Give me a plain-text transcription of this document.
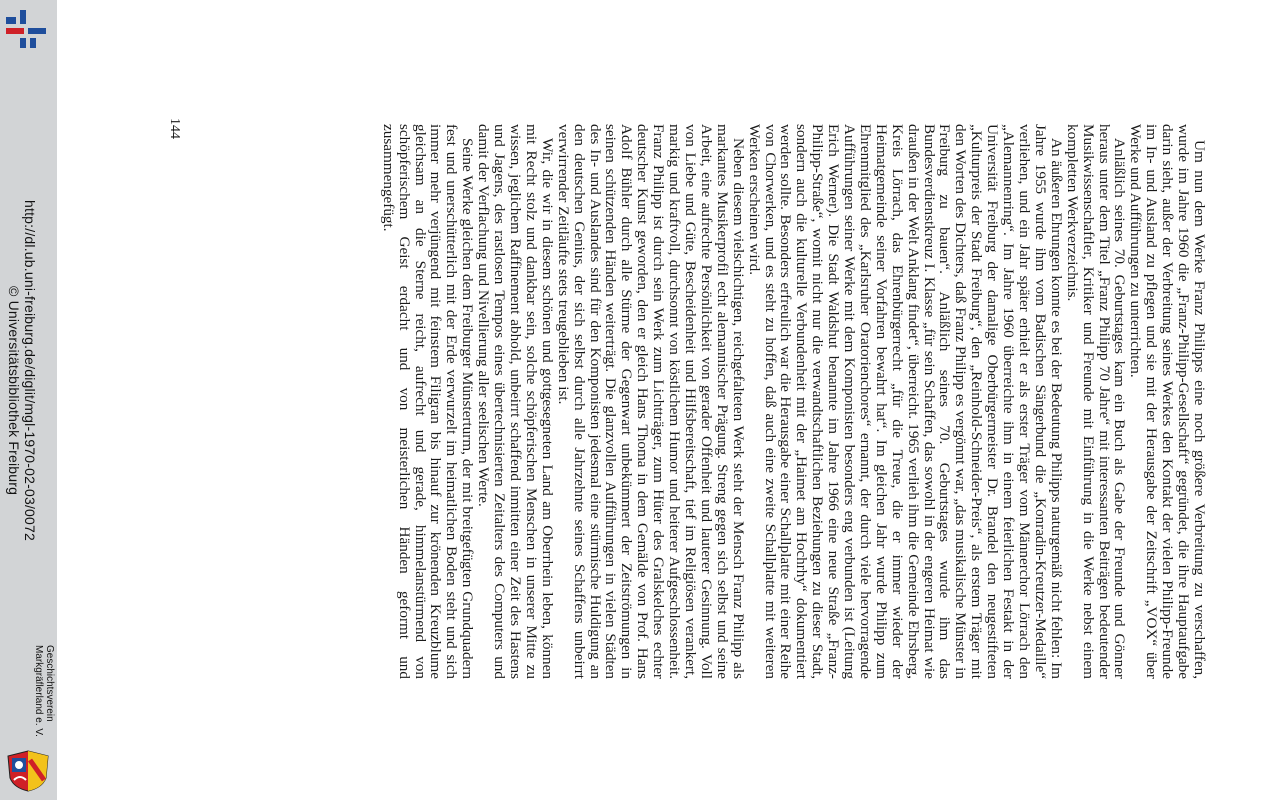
http://dl.ub.uni-freiburg.de/diglit/mgl-1970-02-03/0072
© Universitätsbibliothek Freiburg
Geschichtsverein
Markgräflerland e. V.

Um nun dem Werke Franz Philipps eine noch größere Verbreitung zu verschaffen, wurde im Jahre 1960 die „Franz-Philipp-Gesellschaft“ gegründet, die ihre Hauptaufgabe darin sieht, außer der Verbreitung seines Werkes den Kontakt der vielen Philipp-Freunde im In- und Ausland zu pflegen und sie mit der Herausgabe der Zeitschrift „VOX“ über Werke und Aufführungen zu unterrichten.

Anläßlich seines 70. Geburtstages kam ein Buch als Gabe der Freunde und Gönner heraus unter dem Titel „Franz Philipp 70 Jahre“ mit interessanten Beiträgen bedeutender Musikwissenschaftler, Kritiker und Freunde mit Einführung in die Werke nebst einem kompletten Werkverzeichnis.

An äußeren Ehrungen konnte es bei der Bedeutung Philipps naturgemäß nicht fehlen: Im Jahre 1955 wurde ihm vom Badischen Sängerbund die „Konradin-Kreutzer-Medaille“ verliehen, und ein Jahr später erhielt er als erster Träger vom Männerchor Lörrach den „Alemannenring“. Im Jahre 1960 überreichte ihm in einem feierlichen Festakt in der Universität Freiburg der damalige Oberbürgermeister Dr. Brandel den neugestifteten „Kulturpreis der Stadt Freiburg“, den „Reinhold-Schneider-Preis“, als erstem Träger mit den Worten des Dichters, daß Franz Philipp es vergönnt war, „das musikalische Münster in Freiburg zu bauen“. Anläßlich seines 70. Geburtstages wurde ihm das Bundesverdienstkreuz I. Klasse „für sein Schaffen, das sowohl in der engeren Heimat wie draußen in der Welt Anklang findet“, überreicht. 1965 verlieh ihm die Gemeinde Ehrsberg, Kreis Lörrach, das Ehrenbürgerrecht „für die Treue, die er immer wieder der Heimatgemeinde seiner Vorfahren bewahrt hat“. Im gleichen Jahr wurde Philipp zum Ehrenmitglied des „Karlsruher Oratorienchores“ ernannt, der durch viele hervorragende Aufführungen seiner Werke mit dem Komponisten besonders eng verbunden ist (Leitung Erich Werner). Die Stadt Waldshut benannte im Jahre 1966 eine neue Straße „Franz-Philipp-Straße“, womit nicht nur die verwandtschaftlichen Beziehungen zu dieser Stadt, sondern auch die kulturelle Verbundenheit mit der „Haimet am Hochrhy“ dokumentiert werden sollte. Besonders erfreulich war die Herausgabe einer Schallplatte mit einer Reihe von Chorwerken, und es steht zu hoffen, daß auch eine zweite Schallplatte mit weiteren Werken erscheinen wird.

Neben diesem vielschichtigen, reichgefalteten Werk steht der Mensch Franz Philipp als markantes Musikerprofil echt alemannischer Prägung. Streng gegen sich selbst und seine Arbeit, eine aufrechte Persönlichkeit von gerader Offenheit und lauterer Gesinnung. Voll von Liebe und Güte, Bescheidenheit und Hilfsbereitschaft, tief im Religiösen verankert, markig und kraftvoll, durchsonnt von köstlichem Humor und heiterer Aufgeschlossenheit. Franz Philipp ist durch sein Werk zum Lichtträger, zum Hüter des Gralskelches echter deutscher Kunst geworden, den er gleich Hans Thoma in dem Gemälde von Prof. Hans Adolf Bühler durch alle Stürme der Gegenwart unbekümmert der Zeitströmungen in seinen schützenden Händen weiterträgt. Die glanzvollen Aufführungen in vielen Städten des In- und Auslandes sind für den Komponisten jedesmal eine stürmische Huldigung an den deutschen Genius, der sich selbst durch alle Jahrzehnte seines Schaffens unbeirrt verwirrender Zeitläufte stets treugeblieben ist.

Wir, die wir in diesem schönen und gottgesegneten Land am Oberrhein leben, können mit Recht stolz und dankbar sein, solche schöpferischen Menschen in unserer Mitte zu wissen, jeglichem Raffinement abhold, unbeirrt schaffend inmitten einer Zeit des Hastens und Jagens, des rastlosen Tempos eines übertechnisierten Zeitalters des Computers und damit der Verflachung und Nivellierung aller seelischen Werte.

Seine Werke gleichen dem Freiburger Münsterturm, der mit breitgefügten Grundquadern fest und unerschütterlich mit der Erde verwurzelt im heimatlichen Boden steht und sich immer mehr verjüngend mit feinstem Filigran bis hinauf zur krönenden Kreuzblume gleichsam an die Sterne reicht, aufrecht und gerade, himmelanstürmend von schöpferischem Geist erdacht und von meisterlichen Händen geformt und zusammengefügt.

144
